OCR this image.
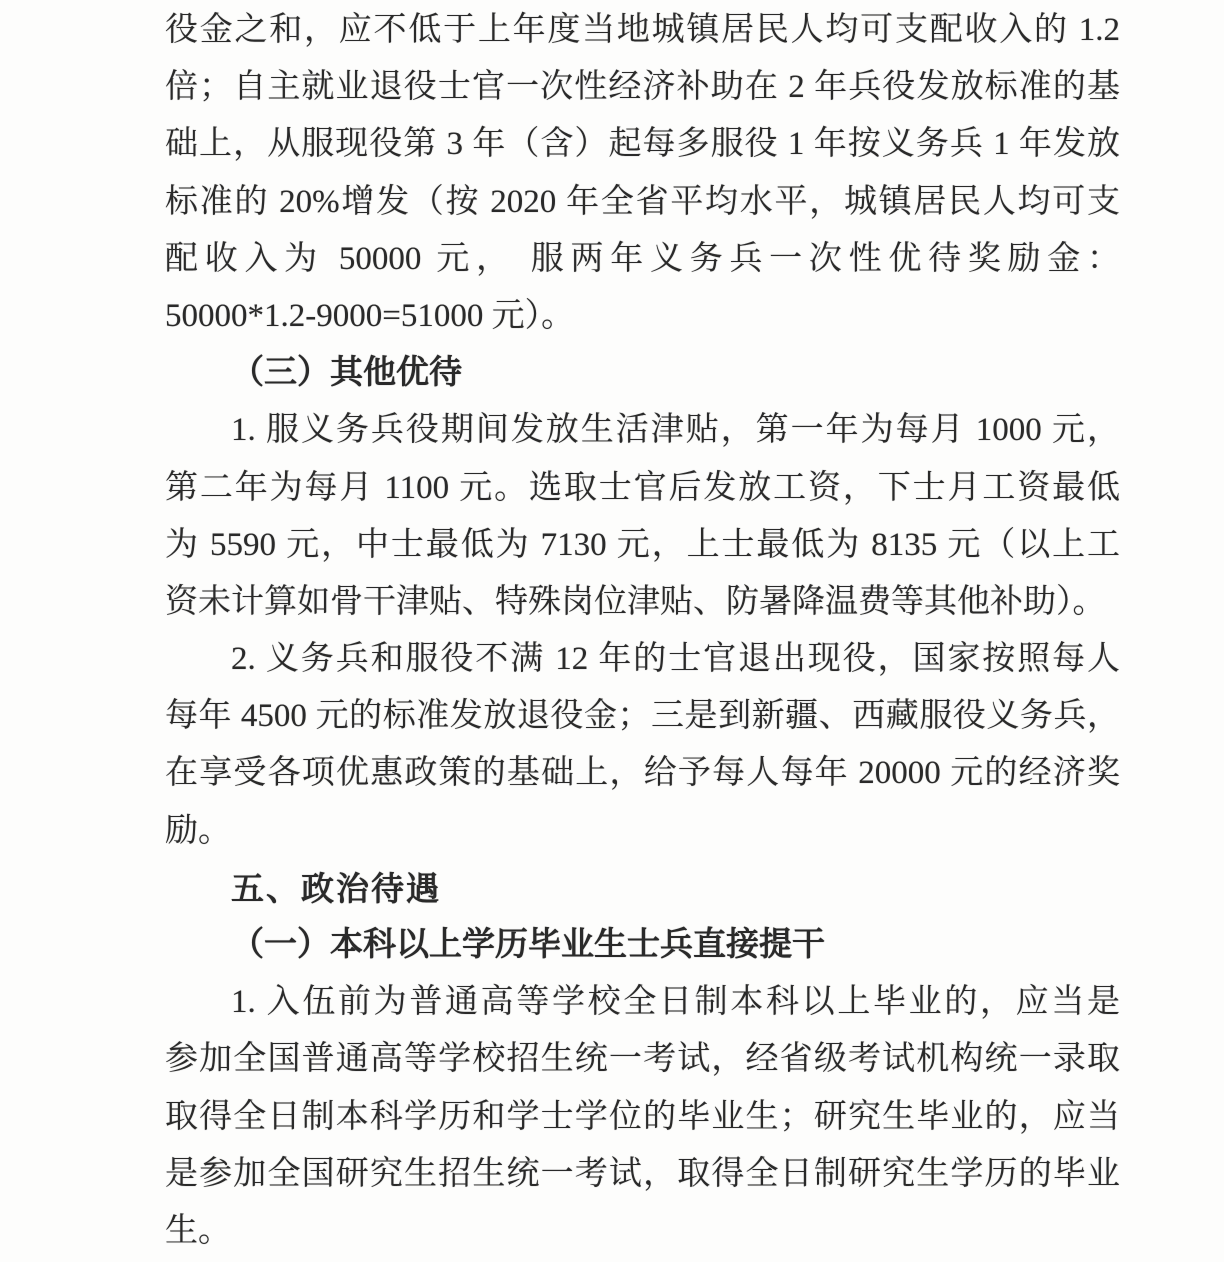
役金之和，应不低于上年度当地城镇居民人均可支配收入的 1.2
倍；自主就业退役士官一次性经济补助在 2 年兵役发放标准的基
础上，从服现役第 3 年（含）起每多服役 1 年按义务兵 1 年发放
标准的 20%增发（按 2020 年全省平均水平，城镇居民人均可支
配收入为 50000 元， 服两年义务兵一次性优待奖励金：
50000*1.2-9000=51000 元）。
（三）其他优待
1. 服义务兵役期间发放生活津贴，第一年为每月 1000 元，
第二年为每月 1100 元。选取士官后发放工资，下士月工资最低
为 5590 元，中士最低为 7130 元，上士最低为 8135 元（以上工
资未计算如骨干津贴、特殊岗位津贴、防暑降温费等其他补助）。
2. 义务兵和服役不满 12 年的士官退出现役，国家按照每人
每年 4500 元的标准发放退役金；三是到新疆、西藏服役义务兵，
在享受各项优惠政策的基础上，给予每人每年 20000 元的经济奖
励。
五、政治待遇
（一）本科以上学历毕业生士兵直接提干
1. 入伍前为普通高等学校全日制本科以上毕业的，应当是
参加全国普通高等学校招生统一考试，经省级考试机构统一录取
取得全日制本科学历和学士学位的毕业生；研究生毕业的，应当
是参加全国研究生招生统一考试，取得全日制研究生学历的毕业
生。
